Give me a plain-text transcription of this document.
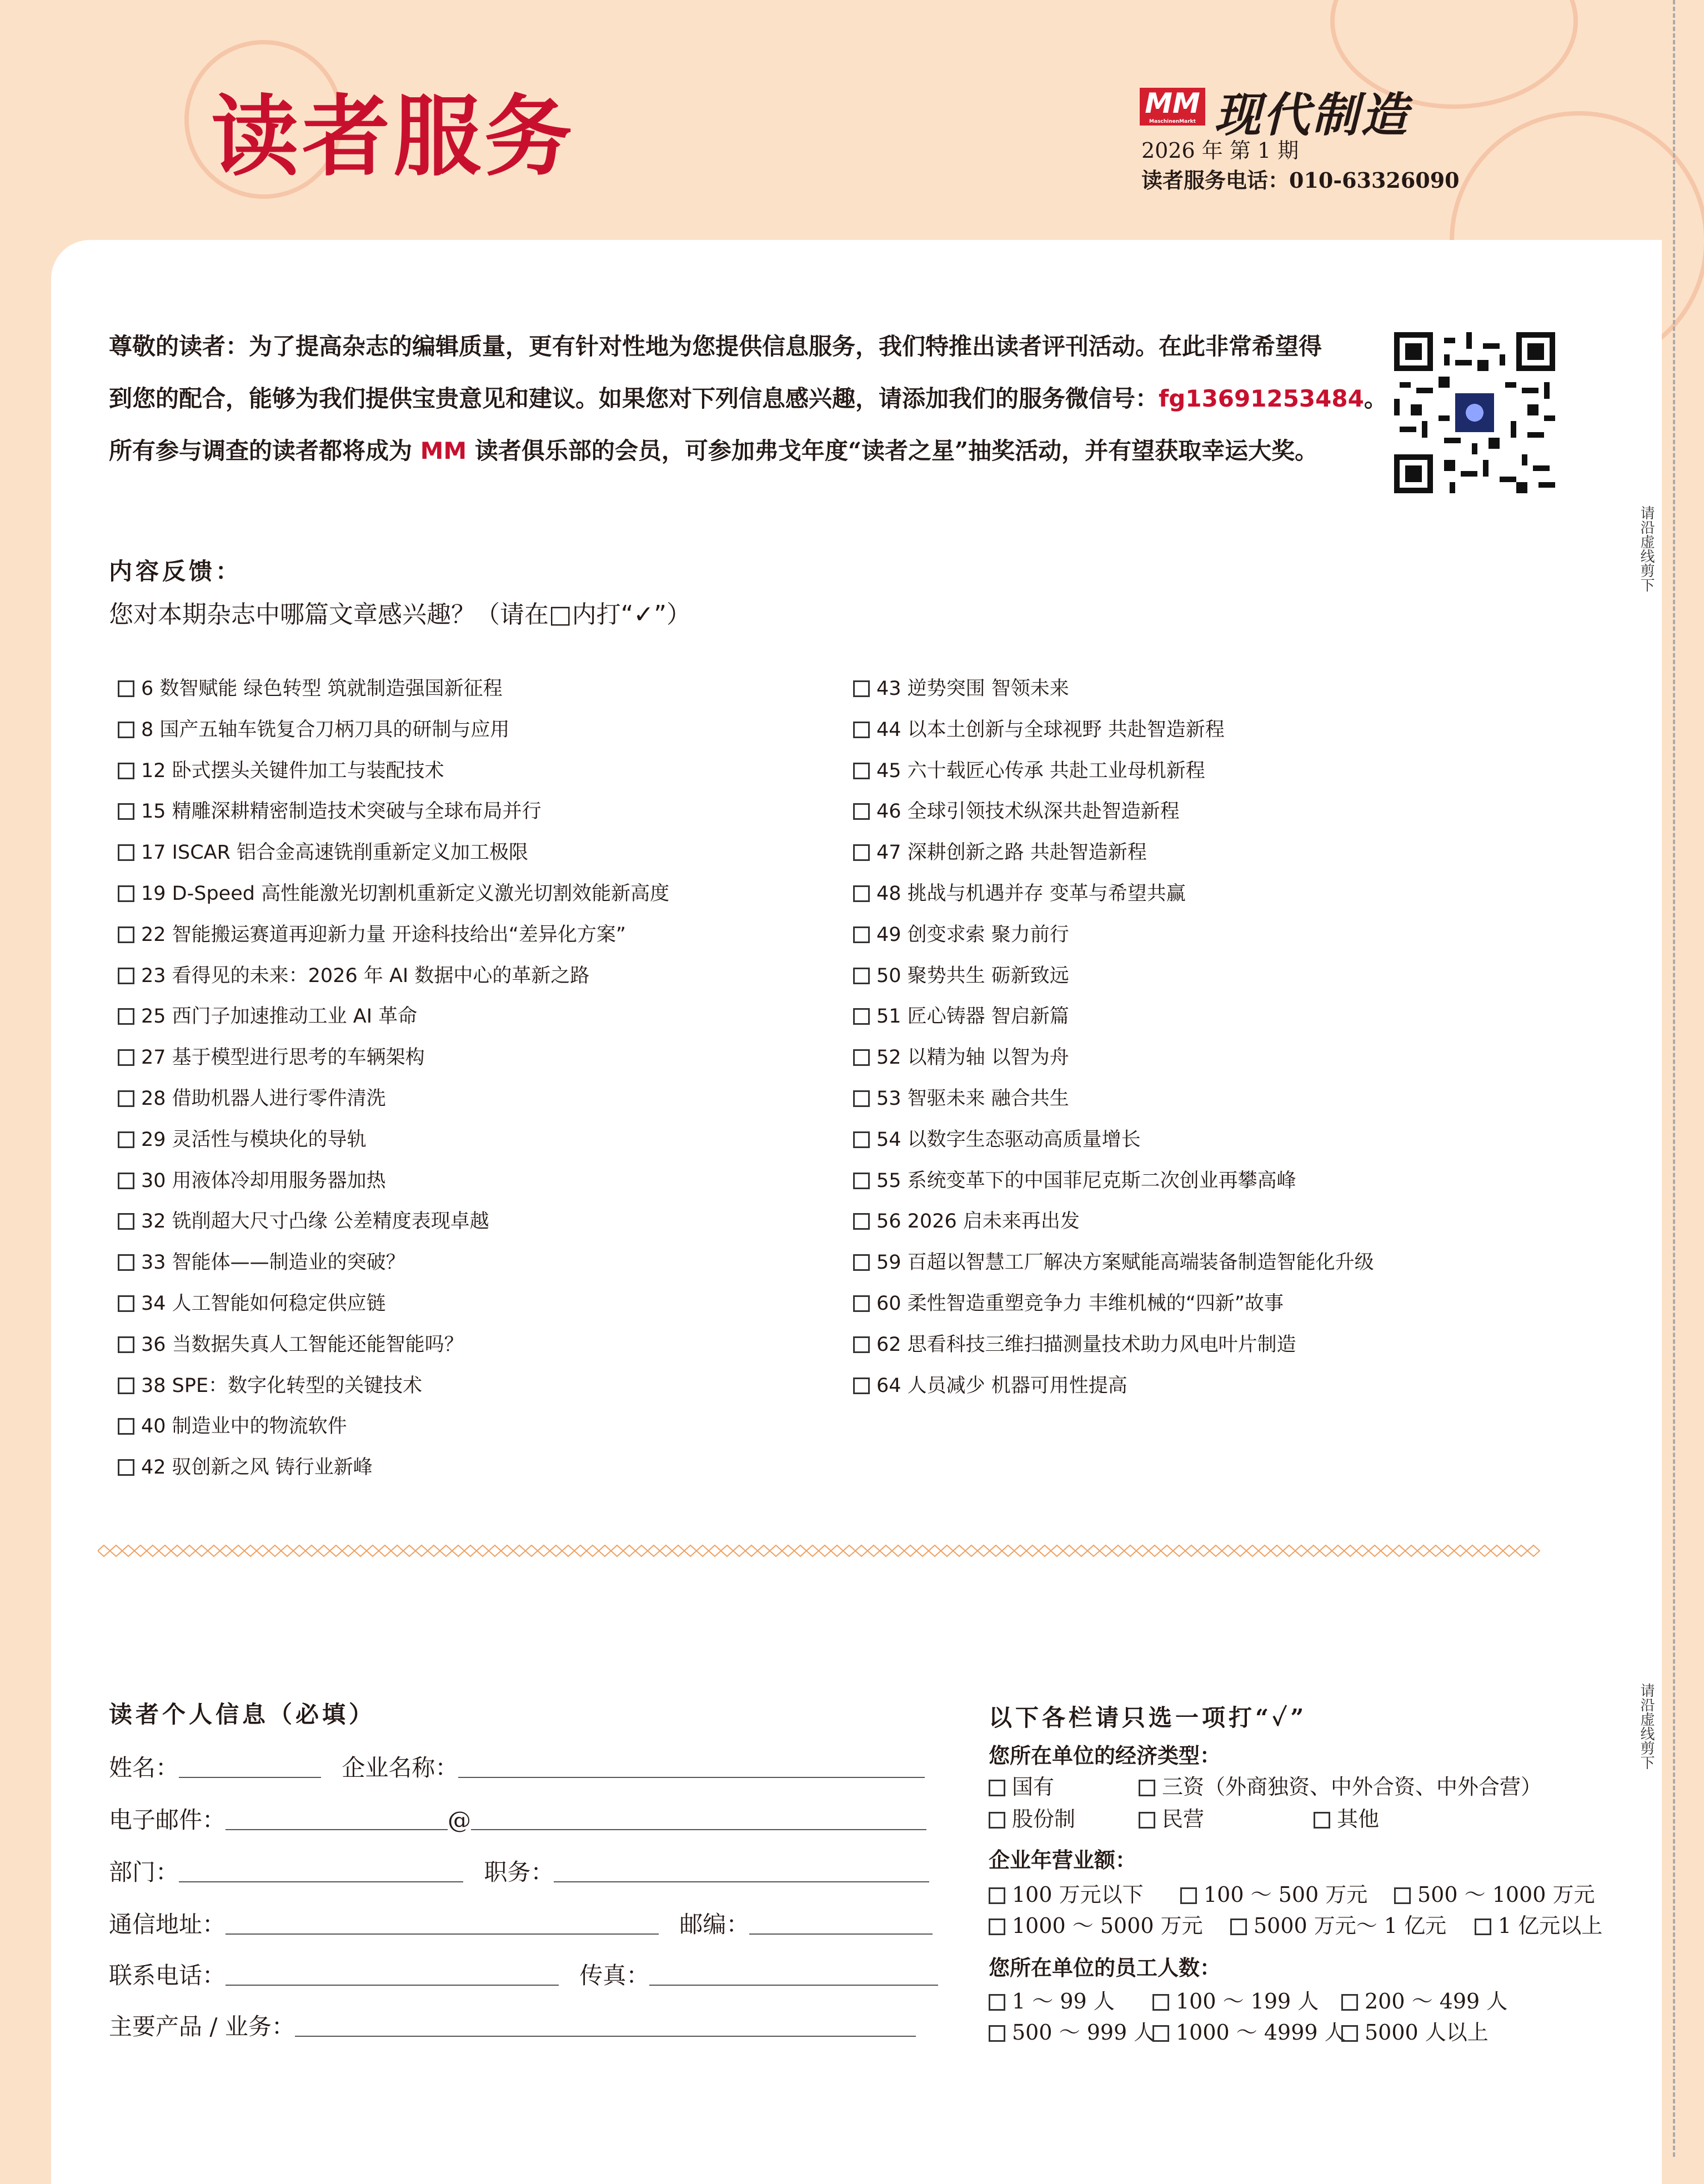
读者服务	MM
MaschinenMarkt 现代制造
2026 年 第 1 期
读者服务电话：010-63326090
请沿虚线剪下
请沿虚线剪下
尊敬的读者：为了提高杂志的编辑质量，更有针对性地为您提供信息服务，我们特推出读者评刊活动。在此非常希望得
到您的配合，能够为我们提供宝贵意见和建议。如果您对下列信息感兴趣，请添加我们的服务微信号：fg13691253484。
所有参与调查的读者都将成为 MM 读者俱乐部的会员，可参加弗戈年度“读者之星”抽奖活动，并有望获取幸运大奖。
内容反馈：
您对本期杂志中哪篇文章感兴趣？（请在□内打“✓”）
6 数智赋能 绿色转型 筑就制造强国新征程
8 国产五轴车铣复合刀柄刀具的研制与应用
12 卧式摆头关键件加工与装配技术
15 精雕深耕精密制造技术突破与全球布局并行
17 ISCAR 铝合金高速铣削重新定义加工极限
19 D-Speed 高性能激光切割机重新定义激光切割效能新高度
22 智能搬运赛道再迎新力量 开途科技给出“差异化方案”
23 看得见的未来：2026 年 AI 数据中心的革新之路
25 西门子加速推动工业 AI 革命
27 基于模型进行思考的车辆架构
28 借助机器人进行零件清洗
29 灵活性与模块化的导轨
30 用液体冷却用服务器加热
32 铣削超大尺寸凸缘 公差精度表现卓越
33 智能体——制造业的突破？
34 人工智能如何稳定供应链
36 当数据失真人工智能还能智能吗？
38 SPE：数字化转型的关键技术
40 制造业中的物流软件
42 驭创新之风 铸行业新峰
43 逆势突围 智领未来
44 以本土创新与全球视野 共赴智造新程
45 六十载匠心传承 共赴工业母机新程
46 全球引领技术纵深共赴智造新程
47 深耕创新之路 共赴智造新程
48 挑战与机遇并存 变革与希望共赢
49 创变求索 聚力前行
50 聚势共生 砺新致远
51 匠心铸器 智启新篇
52 以精为轴 以智为舟
53 智驱未来 融合共生
54 以数字生态驱动高质量增长
55 系统变革下的中国菲尼克斯二次创业再攀高峰
56 2026 启未来再出发
59 百超以智慧工厂解决方案赋能高端装备制造智能化升级
60 柔性智造重塑竞争力 丰维机械的“四新”故事
62 思看科技三维扫描测量技术助力风电叶片制造
64 人员减少 机器可用性提高
读者个人信息（必填）
姓名：	企业名称：
电子邮件：	@
部门：	职务：
通信地址：	邮编：
联系电话：	传真：
主要产品 / 业务：
以下各栏请只选一项打“✓”
您所在单位的经济类型：
国有	三资（外商独资、中外合资、中外合营）
股份制	民营	其他
企业年营业额：
100 万元以下	100 ～ 500 万元	500 ～ 1000 万元
1000 ～ 5000 万元	5000 万元～ 1 亿元	1 亿元以上
您所在单位的员工人数：
1 ～ 99 人	100 ～ 199 人	200 ～ 499 人
500 ～ 999 人 1000 ～ 4999 人 5000 人以上
